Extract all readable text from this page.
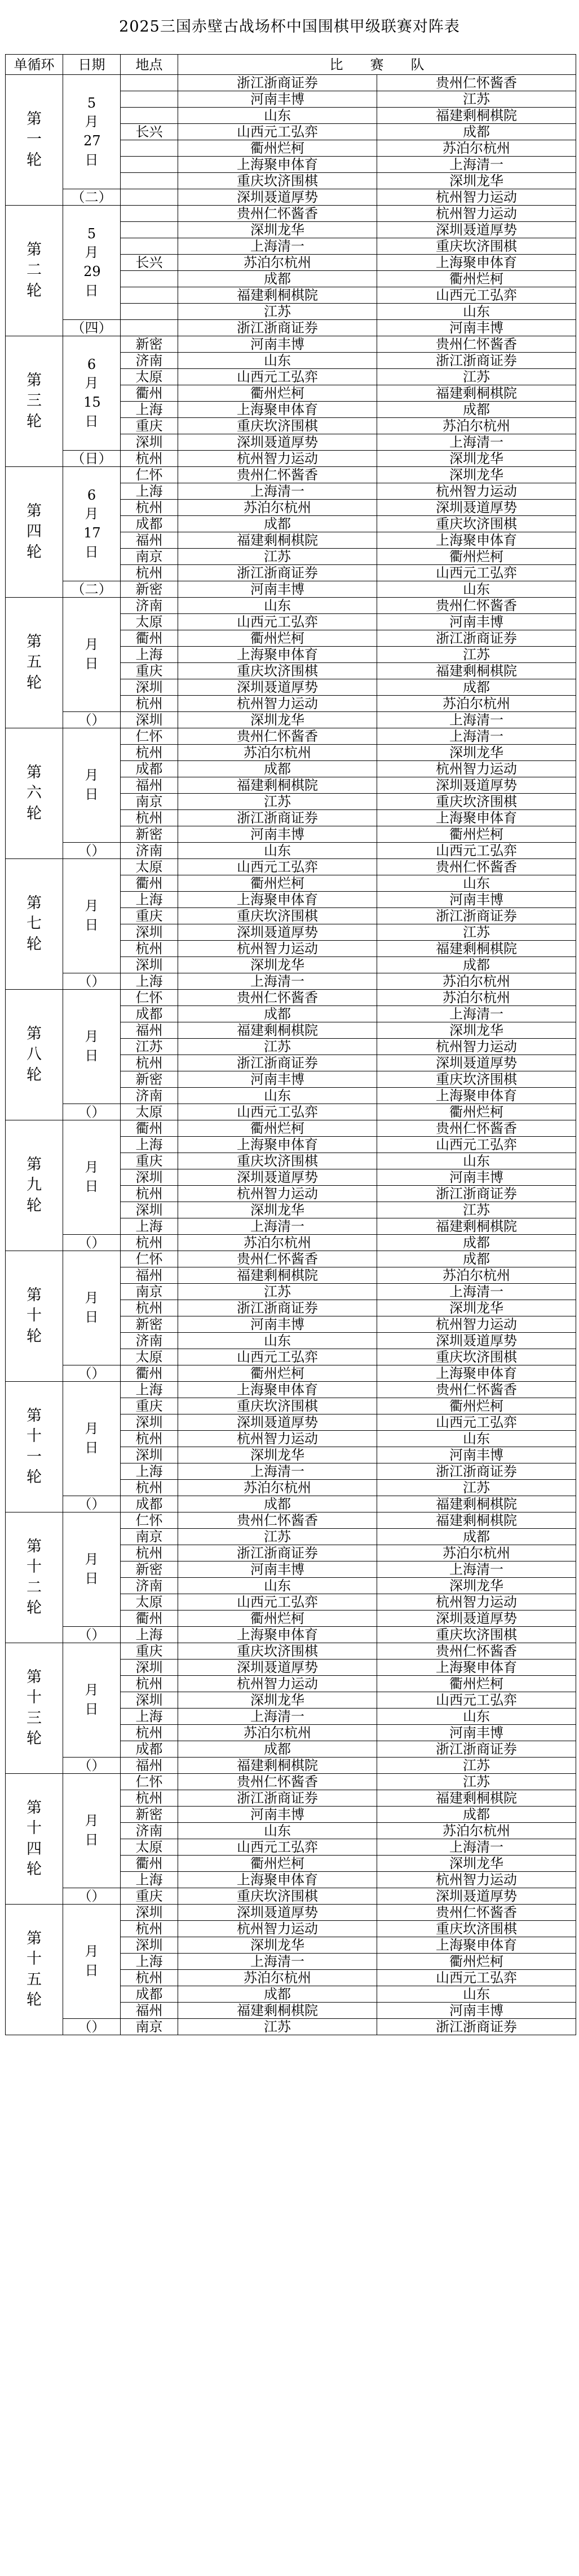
2025三国赤壁古战场杯中国围棋甲级联赛对阵表
单循环	日期	地点	比　　赛　　队	

第一轮	5月27日		浙江浙商证券	贵州仁怀酱香
			河南丰博	江苏
			山东	福建剩桐棋院
		长兴	山西元工弘弈	成都
			衢州烂柯	苏泊尔杭州
			上海聚申体育	上海清一
			重庆坎济围棋	深圳龙华
	（二）		深圳聂道厚势	杭州智力运动

第二轮	5月29日		贵州仁怀酱香	杭州智力运动
			深圳龙华	深圳聂道厚势
			上海清一	重庆坎济围棋
		长兴	苏泊尔杭州	上海聚申体育
			成都	衢州烂柯
			福建剩桐棋院	山西元工弘弈
			江苏	山东
	（四）		浙江浙商证券	河南丰博

第三轮	6月15日	新密	河南丰博	贵州仁怀酱香
		济南	山东	浙江浙商证券
		太原	山西元工弘弈	江苏
		衢州	衢州烂柯	福建剩桐棋院
		上海	上海聚申体育	成都
		重庆	重庆坎济围棋	苏泊尔杭州
		深圳	深圳聂道厚势	上海清一
	（日）	杭州	杭州智力运动	深圳龙华

第四轮	6月17日	仁怀	贵州仁怀酱香	深圳龙华
		上海	上海清一	杭州智力运动
		杭州	苏泊尔杭州	深圳聂道厚势
		成都	成都	重庆坎济围棋
		福州	福建剩桐棋院	上海聚申体育
		南京	江苏	衢州烂柯
		杭州	浙江浙商证券	山西元工弘弈
	（二）	新密	河南丰博	山东

第五轮	月日	济南	山东	贵州仁怀酱香
		太原	山西元工弘弈	河南丰博
		衢州	衢州烂柯	浙江浙商证券
		上海	上海聚申体育	江苏
		重庆	重庆坎济围棋	福建剩桐棋院
		深圳	深圳聂道厚势	成都
		杭州	杭州智力运动	苏泊尔杭州
	（）	深圳	深圳龙华	上海清一

第六轮	月日	仁怀	贵州仁怀酱香	上海清一
		杭州	苏泊尔杭州	深圳龙华
		成都	成都	杭州智力运动
		福州	福建剩桐棋院	深圳聂道厚势
		南京	江苏	重庆坎济围棋
		杭州	浙江浙商证券	上海聚申体育
		新密	河南丰博	衢州烂柯
	（）	济南	山东	山西元工弘弈

第七轮	月日	太原	山西元工弘弈	贵州仁怀酱香
		衢州	衢州烂柯	山东
		上海	上海聚申体育	河南丰博
		重庆	重庆坎济围棋	浙江浙商证券
		深圳	深圳聂道厚势	江苏
		杭州	杭州智力运动	福建剩桐棋院
		深圳	深圳龙华	成都
	（）	上海	上海清一	苏泊尔杭州

第八轮	月日	仁怀	贵州仁怀酱香	苏泊尔杭州
		成都	成都	上海清一
		福州	福建剩桐棋院	深圳龙华
		江苏	江苏	杭州智力运动
		杭州	浙江浙商证券	深圳聂道厚势
		新密	河南丰博	重庆坎济围棋
		济南	山东	上海聚申体育
	（）	太原	山西元工弘弈	衢州烂柯

第九轮	月日	衢州	衢州烂柯	贵州仁怀酱香
		上海	上海聚申体育	山西元工弘弈
		重庆	重庆坎济围棋	山东
		深圳	深圳聂道厚势	河南丰博
		杭州	杭州智力运动	浙江浙商证券
		深圳	深圳龙华	江苏
		上海	上海清一	福建剩桐棋院
	（）	杭州	苏泊尔杭州	成都

第十轮	月日	仁怀	贵州仁怀酱香	成都
		福州	福建剩桐棋院	苏泊尔杭州
		南京	江苏	上海清一
		杭州	浙江浙商证券	深圳龙华
		新密	河南丰博	杭州智力运动
		济南	山东	深圳聂道厚势
		太原	山西元工弘弈	重庆坎济围棋
	（）	衢州	衢州烂柯	上海聚申体育

第十一轮	月日	上海	上海聚申体育	贵州仁怀酱香
		重庆	重庆坎济围棋	衢州烂柯
		深圳	深圳聂道厚势	山西元工弘弈
		杭州	杭州智力运动	山东
		深圳	深圳龙华	河南丰博
		上海	上海清一	浙江浙商证券
		杭州	苏泊尔杭州	江苏
	（）	成都	成都	福建剩桐棋院

第十二轮	月日	仁怀	贵州仁怀酱香	福建剩桐棋院
		南京	江苏	成都
		杭州	浙江浙商证券	苏泊尔杭州
		新密	河南丰博	上海清一
		济南	山东	深圳龙华
		太原	山西元工弘弈	杭州智力运动
		衢州	衢州烂柯	深圳聂道厚势
	（）	上海	上海聚申体育	重庆坎济围棋

第十三轮	月日	重庆	重庆坎济围棋	贵州仁怀酱香
		深圳	深圳聂道厚势	上海聚申体育
		杭州	杭州智力运动	衢州烂柯
		深圳	深圳龙华	山西元工弘弈
		上海	上海清一	山东
		杭州	苏泊尔杭州	河南丰博
		成都	成都	浙江浙商证券
	（）	福州	福建剩桐棋院	江苏

第十四轮	月日	仁怀	贵州仁怀酱香	江苏
		杭州	浙江浙商证券	福建剩桐棋院
		新密	河南丰博	成都
		济南	山东	苏泊尔杭州
		太原	山西元工弘弈	上海清一
		衢州	衢州烂柯	深圳龙华
		上海	上海聚申体育	杭州智力运动
	（）	重庆	重庆坎济围棋	深圳聂道厚势

第十五轮	月日	深圳	深圳聂道厚势	贵州仁怀酱香
		杭州	杭州智力运动	重庆坎济围棋
		深圳	深圳龙华	上海聚申体育
		上海	上海清一	衢州烂柯
		杭州	苏泊尔杭州	山西元工弘弈
		成都	成都	山东
		福州	福建剩桐棋院	河南丰博
	（）	南京	江苏	浙江浙商证券
